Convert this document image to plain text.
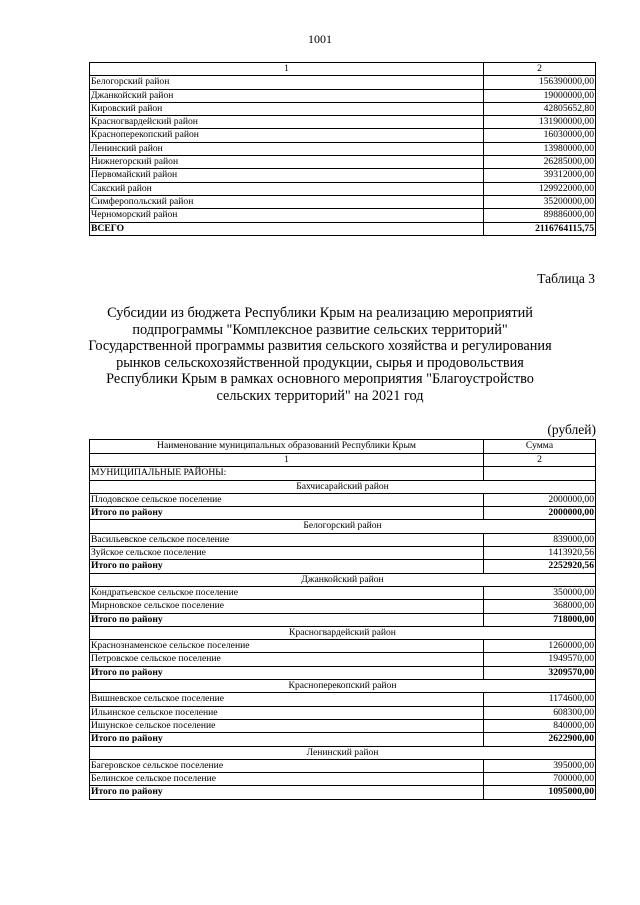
1001
1	2
Белогорский район	156390000,00
Джанкойский район	19000000,00
Кировский район	42805652,80
Красногвардейский район	131900000,00
Красноперекопский район	16030000,00
Ленинский район	13980000,00
Нижнегорский район	26285000,00
Первомайский район	39312000,00
Сакский район	129922000,00
Симферопольский район	35200000,00
Черноморский район	89886000,00
ВСЕГО	2116764115,75
Таблица 3
Субсидии из бюджета Республики Крым на реализацию мероприятий
подпрограммы "Комплексное развитие сельских территорий"
Государственной программы развития сельского хозяйства и регулирования
рынков сельскохозяйственной продукции, сырья и продовольствия
Республики Крым в рамках основного мероприятия "Благоустройство
сельских территорий" на 2021 год
(рублей)
Наименование муниципальных образований Республики Крым	Сумма
1	2
МУНИЦИПАЛЬНЫЕ РАЙОНЫ:	
Бахчисарайский район	
Плодовское сельское поселение	2000000,00
Итого по району	2000000,00
Белогорский район	
Васильевское сельское поселение	839000,00
Зуйское сельское поселение	1413920,56
Итого по району	2252920,56
Джанкойский район	
Кондратьевское сельское поселение	350000,00
Мирновское сельское поселение	368000,00
Итого по району	718000,00
Красногвардейский район	
Краснознаменское сельское поселение	1260000,00
Петровское сельское поселение	1949570,00
Итого по району	3209570,00
Красноперекопский район	
Вишневское сельское поселение	1174600,00
Ильинское сельское поселение	608300,00
Ишунское сельское поселение	840000,00
Итого по району	2622900,00
Ленинский район	
Багеровское сельское поселение	395000,00
Белинское сельское поселение	700000,00
Итого по району	1095000,00
